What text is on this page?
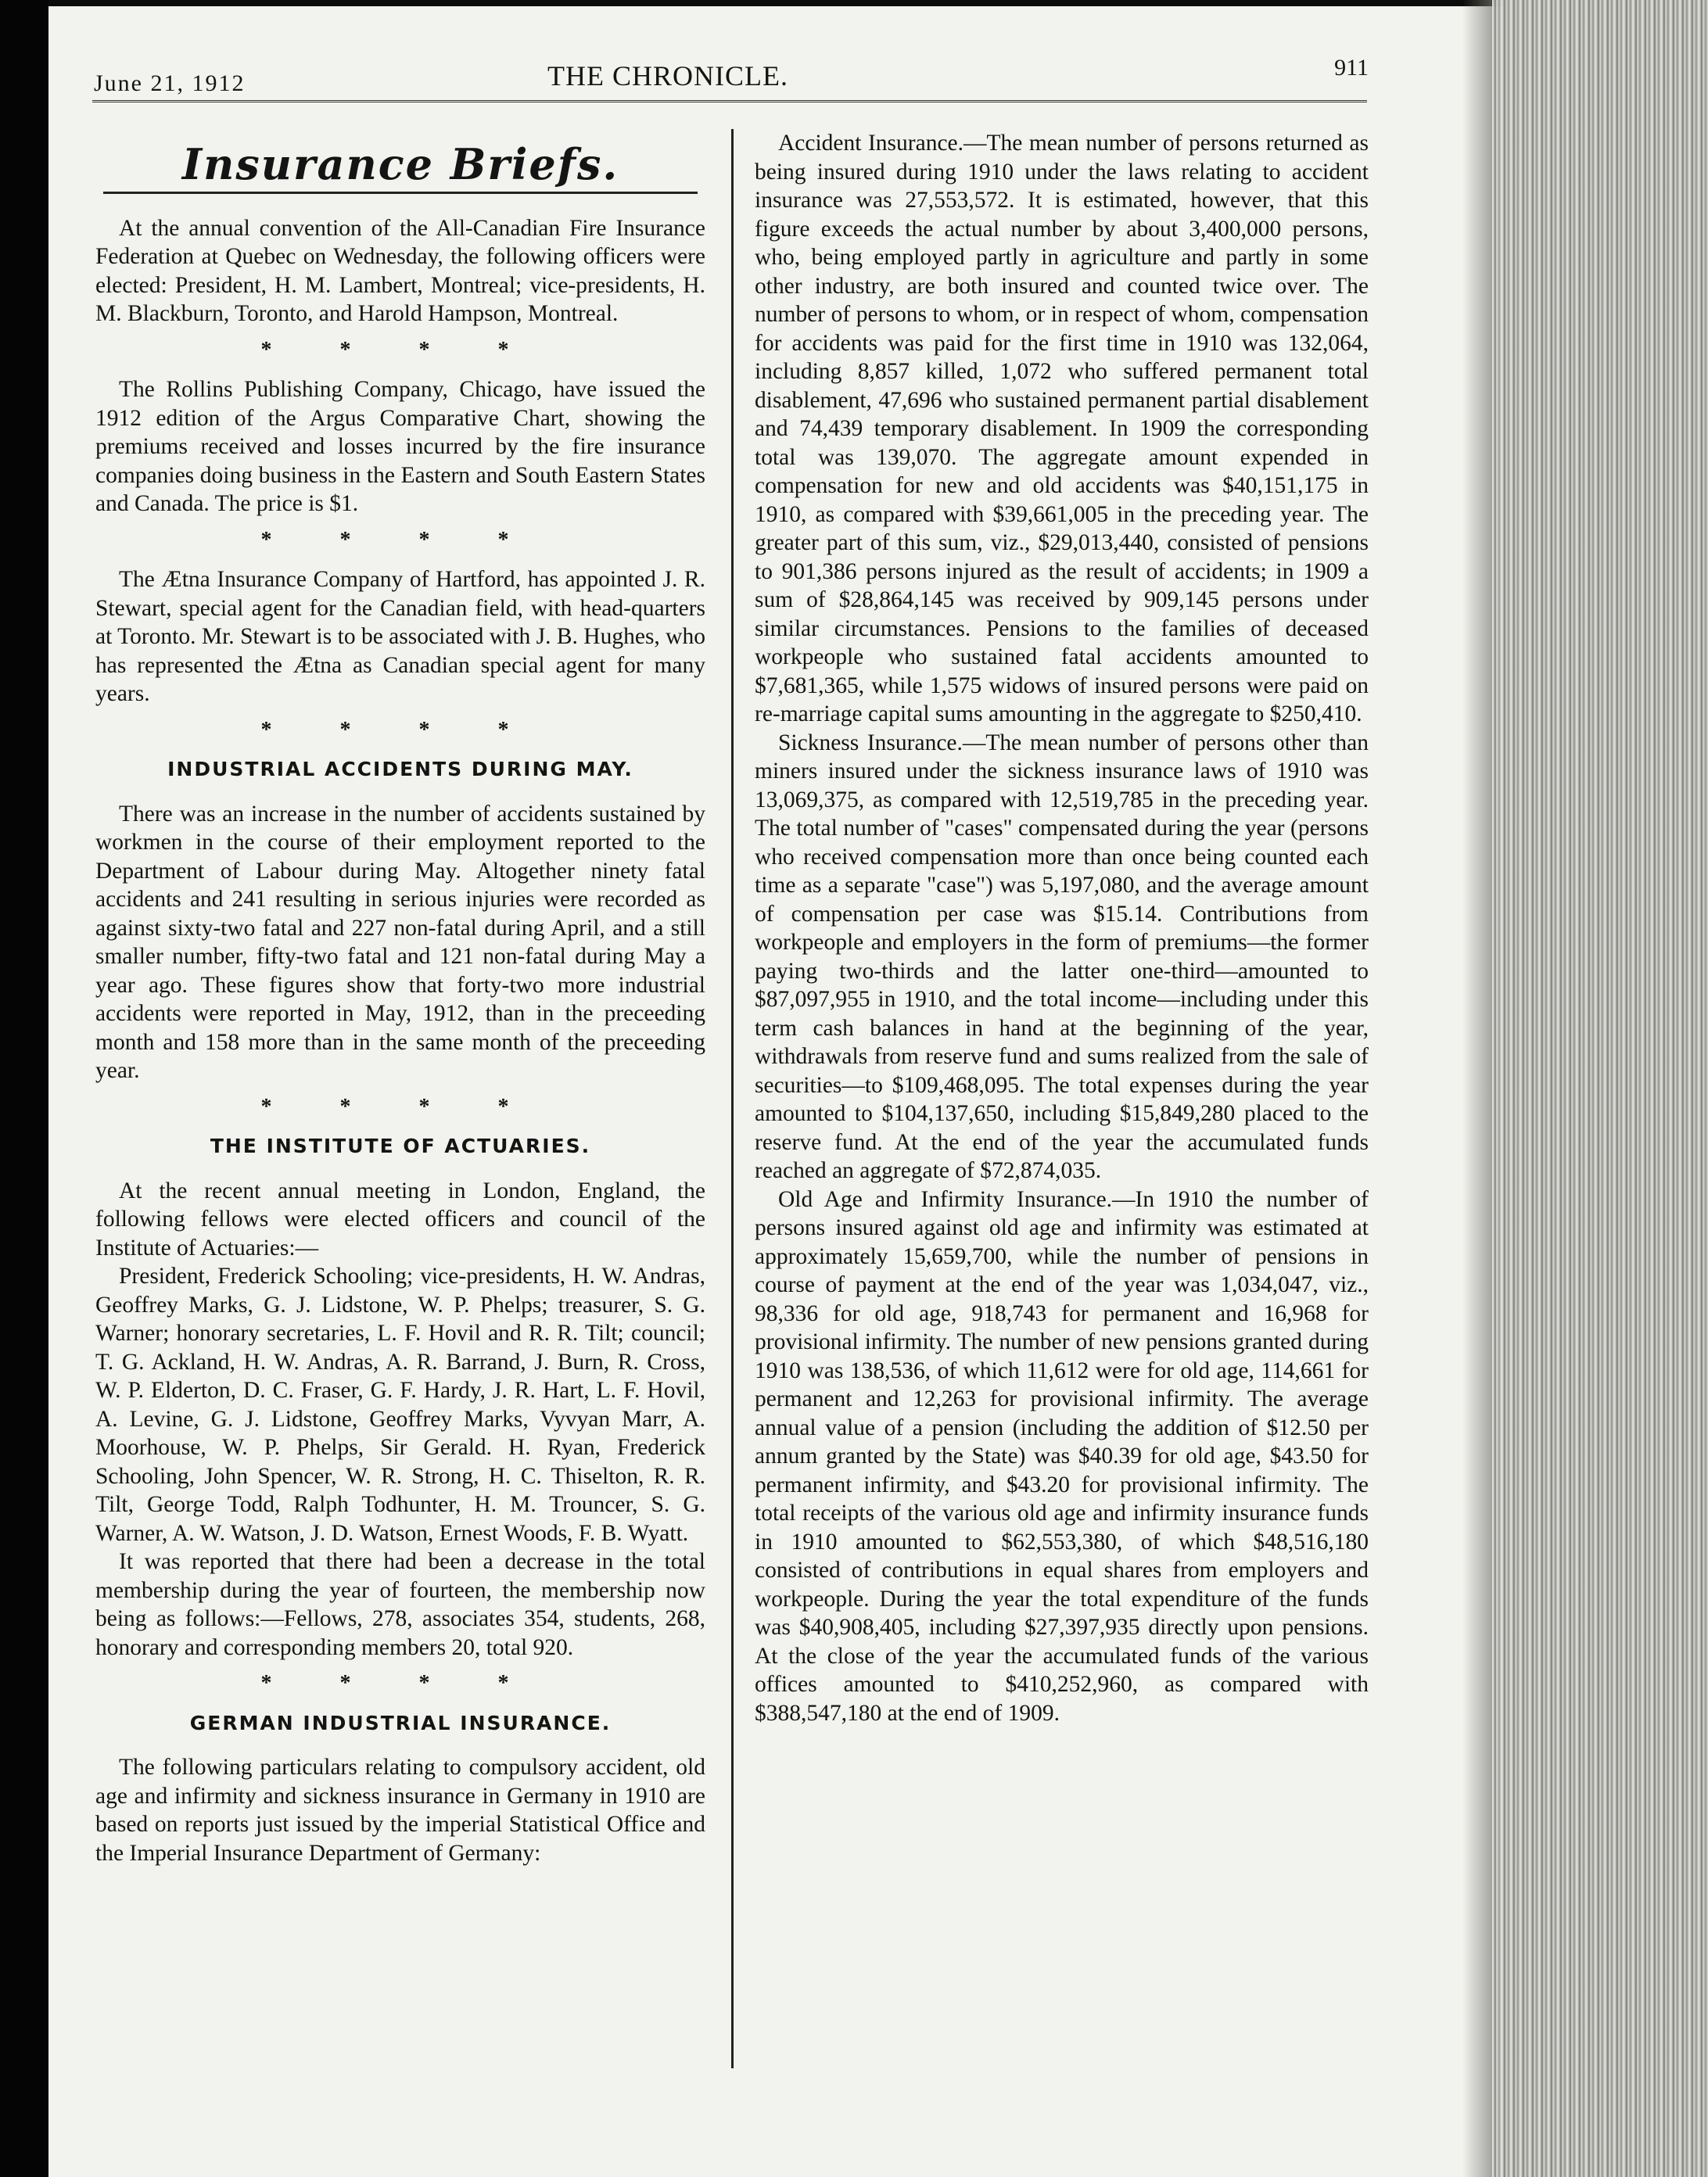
June 21, 1912	THE CHRONICLE.	911
Insurance Briefs.

At the annual convention of the All-Canadian Fire Insurance Federation at Quebec on Wednesday, the following officers were elected: President, H. M. Lambert, Montreal; vice-presidents, H. M. Blackburn, Toronto, and Harold Hampson, Montreal.

* * * *

The Rollins Publishing Company, Chicago, have issued the 1912 edition of the Argus Comparative Chart, showing the premiums received and losses incurred by the fire insurance companies doing business in the Eastern and South Eastern States and Canada. The price is $1.

* * * *

The Ætna Insurance Company of Hartford, has appointed J. R. Stewart, special agent for the Canadian field, with head-quarters at Toronto. Mr. Stewart is to be associated with J. B. Hughes, who has represented the Ætna as Canadian special agent for many years.

* * * *
INDUSTRIAL ACCIDENTS DURING MAY.

There was an increase in the number of accidents sustained by workmen in the course of their employment reported to the Department of Labour during May. Altogether ninety fatal accidents and 241 resulting in serious injuries were recorded as against sixty-two fatal and 227 non-fatal during April, and a still smaller number, fifty-two fatal and 121 non-fatal during May a year ago. These figures show that forty-two more industrial accidents were reported in May, 1912, than in the preceeding month and 158 more than in the same month of the preceeding year.

* * * *
THE INSTITUTE OF ACTUARIES.

At the recent annual meeting in London, England, the following fellows were elected officers and council of the Institute of Actuaries:—

President, Frederick Schooling; vice-presidents, H. W. Andras, Geoffrey Marks, G. J. Lidstone, W. P. Phelps; treasurer, S. G. Warner; honorary secretaries, L. F. Hovil and R. R. Tilt; council; T. G. Ackland, H. W. Andras, A. R. Barrand, J. Burn, R. Cross, W. P. Elderton, D. C. Fraser, G. F. Hardy, J. R. Hart, L. F. Hovil, A. Levine, G. J. Lidstone, Geoffrey Marks, Vyvyan Marr, A. Moorhouse, W. P. Phelps, Sir Gerald. H. Ryan, Frederick Schooling, John Spencer, W. R. Strong, H. C. Thiselton, R. R. Tilt, George Todd, Ralph Todhunter, H. M. Trouncer, S. G. Warner, A. W. Watson, J. D. Watson, Ernest Woods, F. B. Wyatt.

It was reported that there had been a decrease in the total membership during the year of fourteen, the membership now being as follows:—Fellows, 278, associates 354, students, 268, honorary and corresponding members 20, total 920.

* * * *
GERMAN INDUSTRIAL INSURANCE.

The following particulars relating to compulsory accident, old age and infirmity and sickness insurance in Germany in 1910 are based on reports just issued by the imperial Statistical Office and the Imperial Insurance Department of Germany:

Accident Insurance.—The mean number of persons returned as being insured during 1910 under the laws relating to accident insurance was 27,553,572. It is estimated, however, that this figure exceeds the actual number by about 3,400,000 persons, who, being employed partly in agriculture and partly in some other industry, are both insured and counted twice over. The number of persons to whom, or in respect of whom, compensation for accidents was paid for the first time in 1910 was 132,064, including 8,857 killed, 1,072 who suffered permanent total disablement, 47,696 who sustained permanent partial disablement and 74,439 temporary disablement. In 1909 the corresponding total was 139,070. The aggregate amount expended in compensation for new and old accidents was $40,151,175 in 1910, as compared with $39,661,005 in the preceding year. The greater part of this sum, viz., $29,013,440, consisted of pensions to 901,386 persons injured as the result of accidents; in 1909 a sum of $28,864,145 was received by 909,145 persons under similar circumstances. Pensions to the families of deceased workpeople who sustained fatal accidents amounted to $7,681,365, while 1,575 widows of insured persons were paid on re-marriage capital sums amounting in the aggregate to $250,410.

Sickness Insurance.—The mean number of persons other than miners insured under the sickness insurance laws of 1910 was 13,069,375, as compared with 12,519,785 in the preceding year. The total number of "cases" compensated during the year (persons who received compensation more than once being counted each time as a separate "case") was 5,197,080, and the average amount of compensation per case was $15.14. Contributions from workpeople and employers in the form of premiums—the former paying two-thirds and the latter one-third—amounted to $87,097,955 in 1910, and the total income—including under this term cash balances in hand at the beginning of the year, withdrawals from reserve fund and sums realized from the sale of securities—to $109,468,095. The total expenses during the year amounted to $104,137,650, including $15,849,280 placed to the reserve fund. At the end of the year the accumulated funds reached an aggregate of $72,874,035.

Old Age and Infirmity Insurance.—In 1910 the number of persons insured against old age and infirmity was estimated at approximately 15,659,700, while the number of pensions in course of payment at the end of the year was 1,034,047, viz., 98,336 for old age, 918,743 for permanent and 16,968 for provisional infirmity. The number of new pensions granted during 1910 was 138,536, of which 11,612 were for old age, 114,661 for permanent and 12,263 for provisional infirmity. The average annual value of a pension (including the addition of $12.50 per annum granted by the State) was $40.39 for old age, $43.50 for permanent infirmity, and $43.20 for provisional infirmity. The total receipts of the various old age and infirmity insurance funds in 1910 amounted to $62,553,380, of which $48,516,180 consisted of contributions in equal shares from employers and workpeople. During the year the total expenditure of the funds was $40,908,405, including $27,397,935 directly upon pensions. At the close of the year the accumulated funds of the various offices amounted to $410,252,960, as compared with $388,547,180 at the end of 1909.
